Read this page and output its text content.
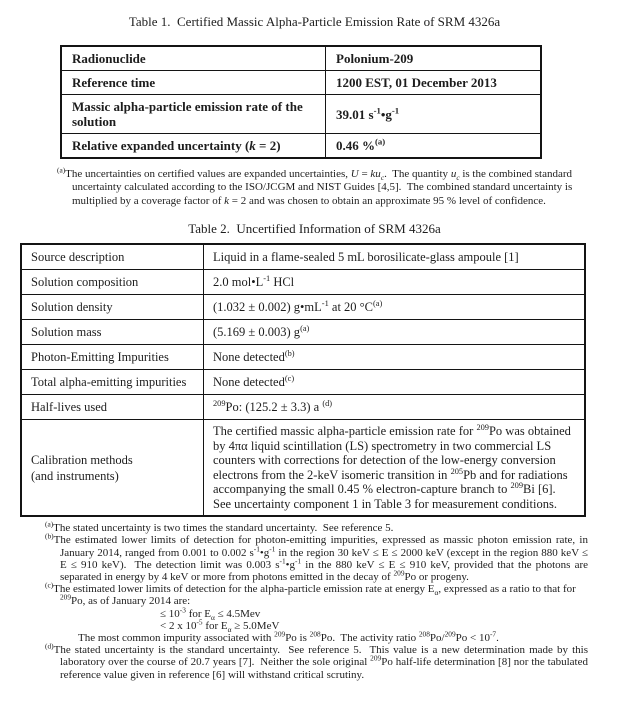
Table 1.  Certified Massic Alpha-Particle Emission Rate of SRM 4326a
Radionuclide	Polonium-209
Reference time	1200 EST, 01 December 2013
Massic alpha-particle emission rate of the solution	39.01 $s^{-1}•g^{-1}$
Relative expanded uncertainty (k = 2)	0.46 %$^{(a)}$
$^{(a)}$The uncertainties on certified values are expanded uncertainties, $U = ku_c$.  The quantity $u_c$ is the combined standard uncertainty calculated according to the ISO/JCGM and NIST Guides [4,5].  The combined standard uncertainty is multiplied by a coverage factor of k = 2 and was chosen to obtain an approximate 95 % level of confidence.
Table 2.  Uncertified Information of SRM 4326a
Source description	Liquid in a flame-sealed 5 mL borosilicate-glass ampoule [1]
Solution composition	2.0 $mol•L^{-1}$ HCl
Solution density	(1.032 ± 0.002) $g•mL^{-1}$ at 20 $^\circ C^{(a)}$
Solution mass	(5.169 ± 0.003) $g^{(a)}$
Photon-Emitting Impurities	None detected$^{(b)}$
Total alpha-emitting impurities	None detected$^{(c)}$
Half-lives used	$^{209}$Po: (125.2 ± 3.3) a $^{(d)}$
Calibration methods
(and instruments)	The certified massic alpha-particle emission rate for $^{209}$Po was obtained by 4πα liquid scintillation (LS) spectrometry in two commercial LS counters with corrections for detection of the low-energy conversion electrons from the 2-keV isomeric transition in $^{205}$Pb and for radiations accompanying the small 0.45 % electron-capture branch to $^{209}$Bi [6].  See uncertainty component 1 in Table 3 for measurement conditions.
$^{(a)}$The stated uncertainty is two times the standard uncertainty.  See reference 5.
$^{(b)}$The estimated lower limits of detection for photon-emitting impurities, expressed as massic photon emission rate, in January 2014, ranged from 0.001 to 0.002 $s^{-1}•g^{-1}$ in the region 30 keV ≤ E ≤ 2000 keV (except in the region 880 keV ≤ E ≤ 910 keV).  The detection limit was 0.003 $s^{-1}•g^{-1}$ in the 880 keV ≤ E ≤ 910 keV, provided that the photons are separated in energy by 4 keV or more from photons emitted in the decay of $^{209}$Po or progeny.
$^{(c)}$The estimated lower limits of detection for the alpha-particle emission rate at energy $E_\alpha$, expressed as a ratio to that for $^{209}$Po, as of January 2014 are:
≤ $10^{-3}$ for $E_\alpha \le 4.5Mev$
< 2 x $10^{-5}$ for $E_\alpha \ge 5.0MeV$
The most common impurity associated with $^{209}$Po is $^{208}$Po.  The activity ratio $^{208}Po/^{209}Po < 10^{-7}$.
$^{(d)}$The stated uncertainty is the standard uncertainty.  See reference 5.  This value is a new determination made by this laboratory over the course of 20.7 years [7].  Neither the sole original $^{209}$Po half-life determination [8] nor the tabulated reference value given in reference [6] will withstand critical scrutiny.
